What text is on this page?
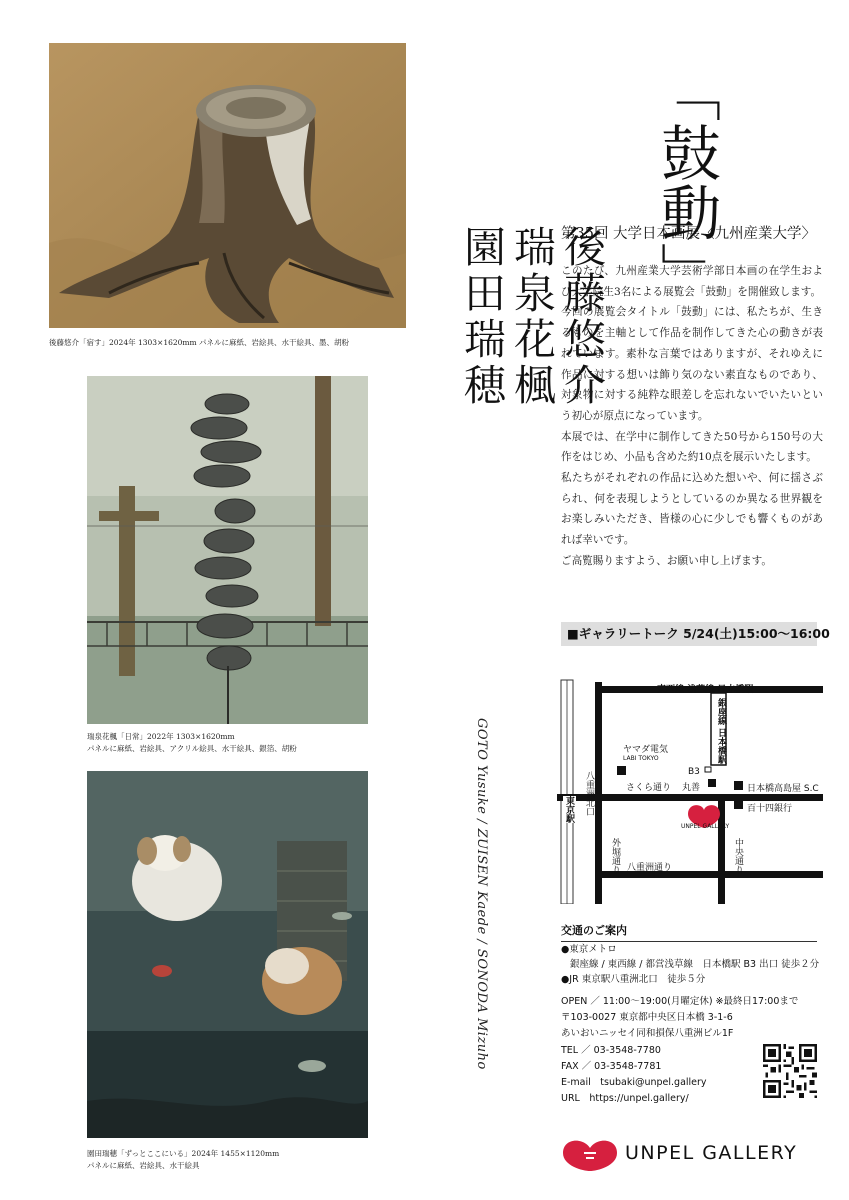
後藤悠介「宿す」2024年 1303×1620mm パネルに麻紙、岩絵具、水干絵具、墨、胡粉
瑞泉花楓「日常」2022年 1303×1620mm
パネルに麻紙、岩絵具、アクリル絵具、水干絵具、銀箔、胡粉
園田瑞穂「ずっとここにいる」2024年 1455×1120mm
パネルに麻紙、岩絵具、水干絵具
後藤悠介
瑞泉花楓
園田瑞穂
GOTO Yusuke / ZUISEN Kaede / SONODA Mizuho
「鼓動」
第35回 大学日本画展〈九州産業大学〉

このたび、九州産業大学芸術学部日本画の在学生および大学院生3名による展覧会「鼓動」を開催致します。

今回の展覧会タイトル「鼓動」には、私たちが、生きるものを主軸として作品を制作してきた心の動きが表れています。素朴な言葉ではありますが、それゆえに作品に対する想いは飾り気のない素直なものであり、対象物に対する純粋な眼差しを忘れないでいたいという初心が原点になっています。

本展では、在学中に制作してきた50号から150号の大作をはじめ、小品も含めた約10点を展示いたします。

私たちがそれぞれの作品に込めた想いや、何に揺さぶられ、何を表現しようとしているのか異なる世界観をお楽しみいただき、皆様の心に少しでも響くものがあれば幸いです。

ご高覧賜りますよう、お願い申し上げます。

■ギャラリートーク 5/24(土)15:00〜16:00
東西線 浅草線 日本橋駅
銀座線 日本橋駅
ヤマダ電気
LABI TOKYO
B3
さくら通り 丸善	日本橋高島屋 S.C
百十四銀行
八重洲北口
東京駅
外堀通り	中央通り
八重洲通り
UNPEL GALLERY
交通のご案内
●東京メトロ
銀座線 / 東西線 / 都営浅草線　日本橋駅 B3 出口 徒歩２分
●JR 東京駅八重洲北口　徒歩５分
OPEN ／ 11:00〜19:00(月曜定休) ※最終日17:00まで
〒103-0027 東京都中央区日本橋 3-1-6
あいおいニッセイ同和損保八重洲ビル1F
TEL ／ 03-3548-7780
FAX ／ 03-3548-7781
E-mail　tsubaki@unpel.gallery
URL　https://unpel.gallery/
UNPEL GALLERY
